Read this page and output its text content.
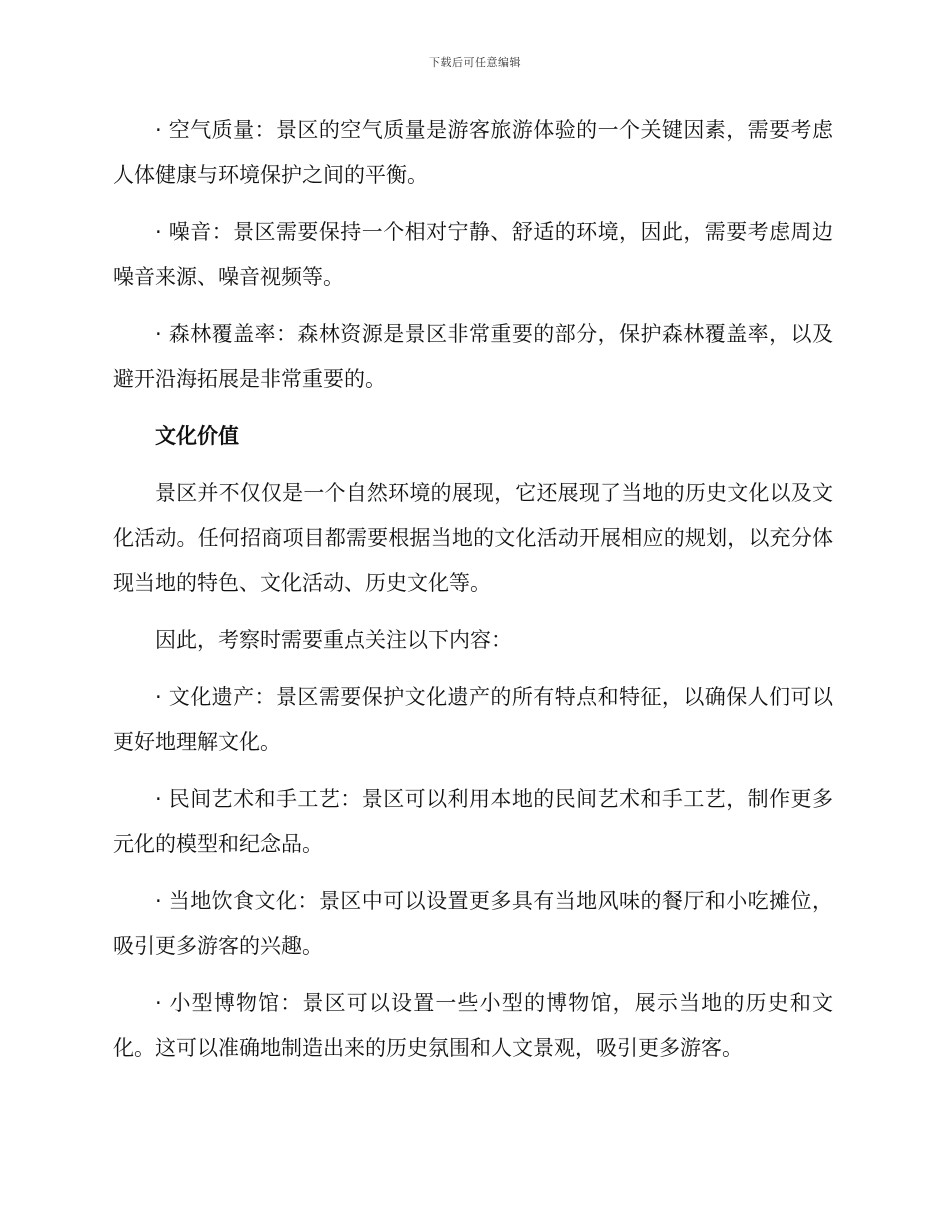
下载后可任意编辑

· 空气质量：景区的空气质量是游客旅游体验的一个关键因素，需要考虑人体健康与环境保护之间的平衡。

· 噪音：景区需要保持一个相对宁静、舒适的环境，因此，需要考虑周边噪音来源、噪音视频等。

· 森林覆盖率：森林资源是景区非常重要的部分，保护森林覆盖率，以及避开沿海拓展是非常重要的。

文化价值

景区并不仅仅是一个自然环境的展现，它还展现了当地的历史文化以及文化活动。任何招商项目都需要根据当地的文化活动开展相应的规划，以充分体现当地的特色、文化活动、历史文化等。

因此，考察时需要重点关注以下内容：

· 文化遗产：景区需要保护文化遗产的所有特点和特征，以确保人们可以更好地理解文化。

· 民间艺术和手工艺：景区可以利用本地的民间艺术和手工艺，制作更多元化的模型和纪念品。

· 当地饮食文化：景区中可以设置更多具有当地风味的餐厅和小吃摊位，吸引更多游客的兴趣。

· 小型博物馆：景区可以设置一些小型的博物馆，展示当地的历史和文化。这可以准确地制造出来的历史氛围和人文景观，吸引更多游客。
